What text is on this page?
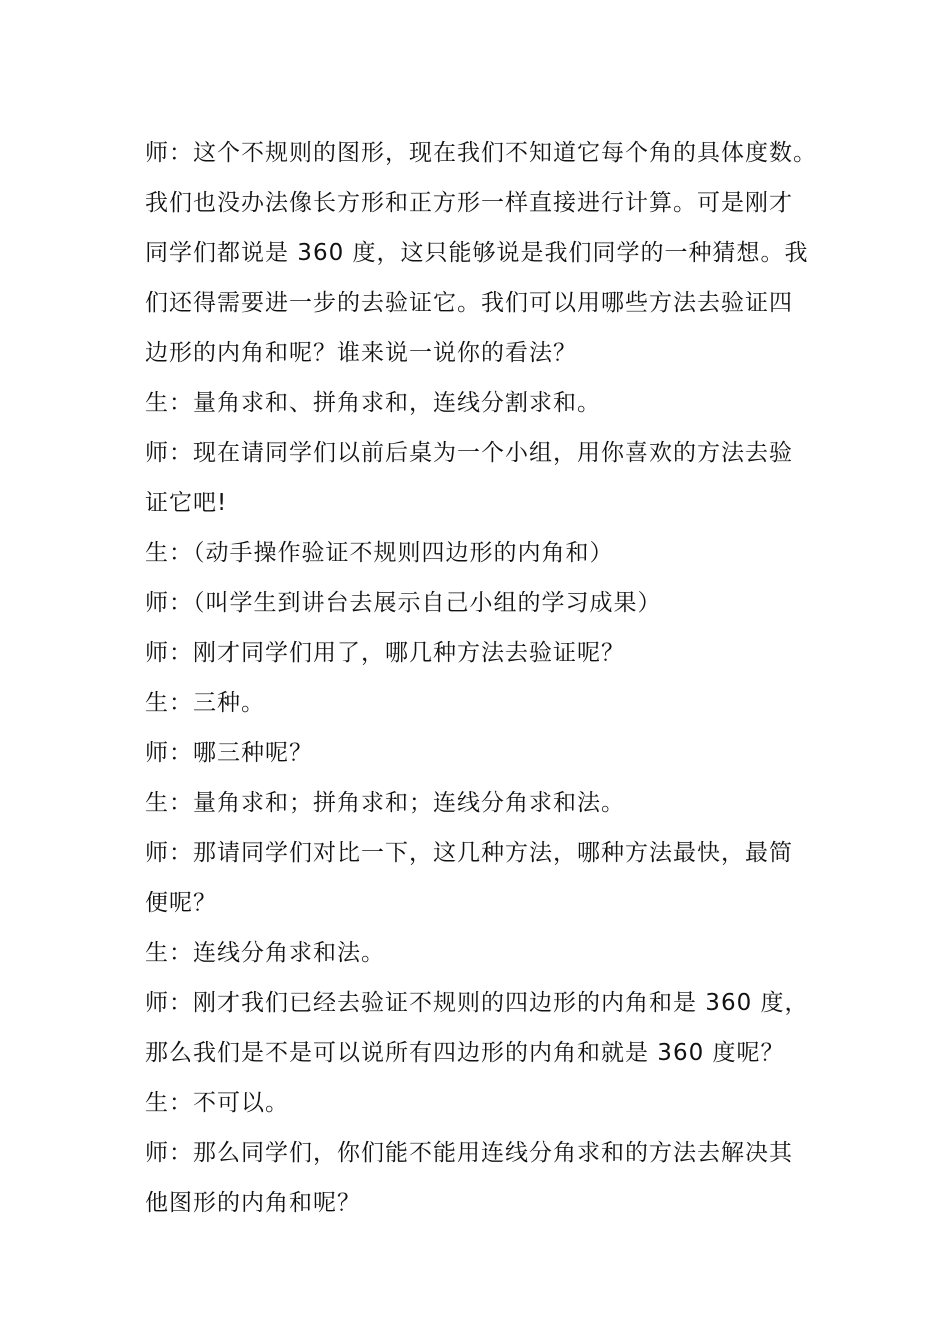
师：这个不规则的图形，现在我们不知道它每个角的具体度数。
我们也没办法像长方形和正方形一样直接进行计算。可是刚才
同学们都说是 360 度，这只能够说是我们同学的一种猜想。我
们还得需要进一步的去验证它。我们可以用哪些方法去验证四
边形的内角和呢？谁来说一说你的看法？
生：量角求和、拼角求和，连线分割求和。
师：现在请同学们以前后桌为一个小组，用你喜欢的方法去验
证它吧!
生：（动手操作验证不规则四边形的内角和）
师：（叫学生到讲台去展示自己小组的学习成果）
师：刚才同学们用了，哪几种方法去验证呢？
生：三种。
师：哪三种呢？
生：量角求和；拼角求和；连线分角求和法。
师：那请同学们对比一下，这几种方法，哪种方法最快，最简
便呢？
生：连线分角求和法。
师：刚才我们已经去验证不规则的四边形的内角和是 360 度，
那么我们是不是可以说所有四边形的内角和就是 360 度呢？
生：不可以。
师：那么同学们，你们能不能用连线分角求和的方法去解决其
他图形的内角和呢？
